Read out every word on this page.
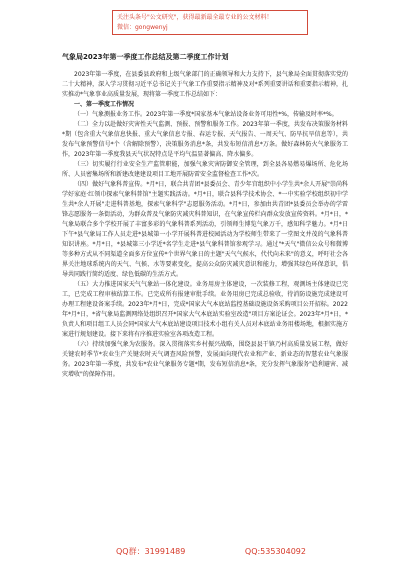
关注头条号"公文研究"，获得最新最全最专业的公文材料！

微信：gongwenyj

气象局2023年第一季度工作总结及第二季度工作计划

2023年第一季度，在县委县政府和上级气象部门的正确领导和大力支持下，县气象局全面贯彻落实党的二十大精神，深入学习贯彻习近平总书记关于气象工作重要指示精神及对*系列重要讲话和重要指示精神，扎实推动*气象事业高质量发展，现将第一季度工作总结如下：

一、第一季度工作情况

（一）气象测报业务工作。2023年第一季度*国家基本气象站设备业务可用性*%，传输及时率*%。

（二）全力以赴做好灾害性天气监测、预报、预警和服务工作。2023年第一季度，共发布决策服务材料*期（包含重大气象信息快报、重大气象信息专报、春运专报、天气报告、一周天气、防旱抗旱信息等），共发布气象预警信号*个（含解除预警），决策服务消息*条，共发布短信消息*万条。做好森林防火气象服务工作，2023年第一季度我县天气状况特点是平均气温显著偏高、降水偏多。

（三）切实履行行业安全生产监管职能，加强气象灾害防御安全管理，到全县各易燃易爆场所、危化场所、人员密集场所和新建改建建设项目工地开展防雷安全监督检查工作*次。

（四）做好气象科普宣传。*月*日，联合共青团*县委员会、青少年宫组织中小学生共*余人开展"崇尚科学好家庭·红领巾探索气象科普馆"主题实践活动。*月*日，联合县科学技术协会、*一中实验学校组织初中学生共*余人开展"走进科普基地，探索气象科学"志愿服务活动。*月*日，参加由共青团*县委员会举办的学雷锋志愿服务一条街活动，为群众普及气象防灾减灾科普知识，在气象宣传栏向群众发放宣传资料。*月*日，*气象局联合多个学校开展了丰富多彩的气象科普系列活动，引领师生博览气象万千，感知科学魅力。*月*日下午*县气象局工作人员走进*县城第一小学开展科普进校园活动为学校师生带来了一堂图文并茂的气象科普知识讲座。*月*日，*县城第三小学近*名学生走进*县气象科普馆参观学习。通过"*天气"微信公众号和微博等多种方式从不同渠道全面多方位宣传*个世界气象日的主题"天气气候水，代代向未来"的意义，呼吁社会各界关注地球系统内的天气、气候、水等要素变化，提高公众防灾减灾意识和能力，增强其绿色环保意识，倡导共同践行简约适度、绿色低碳的生活方式。

（五）大力推进国家天气气象站一体化建设。业务用房主体建设，一次装修工程，观测场主体建设已完工，已完成工程审核结算工作。已完成所有报建审批手续。业务用房已完成总验收，待消防设施完成建设可办理工程建设备案手续。2023年*月*日，完成*国家大气本底站监控基础设施设备采购项目公开招标。2022年*月*日，*省气象局监测网络处组织召开*国家大气本底站实验室改造"项目方案论证会。2023年*月*日，*负责人和项目组工人员会同*国家大气本底站建设项目技术小组有关人员对本底站业务用楼场地，根据实施方案进行规划建设。接下来将有序推进实验室各项改造工程。

（六）持续加强气象为农服务。深入贯彻落实乡村振兴战略，围绕县县干镇乃村高质量发展工程，做好关键农时季节*农业生产关键农时天气调查风险预警，发展面向现代农业和产业、新业态的智慧农业气象服务。2023年第一季度，共发布*农业气象服务专题*期，发布短信消息*条，充分发挥气象服务"趋利避害、减灾增收"的保障作用。

QQ群：31991489	QQ:535304092
